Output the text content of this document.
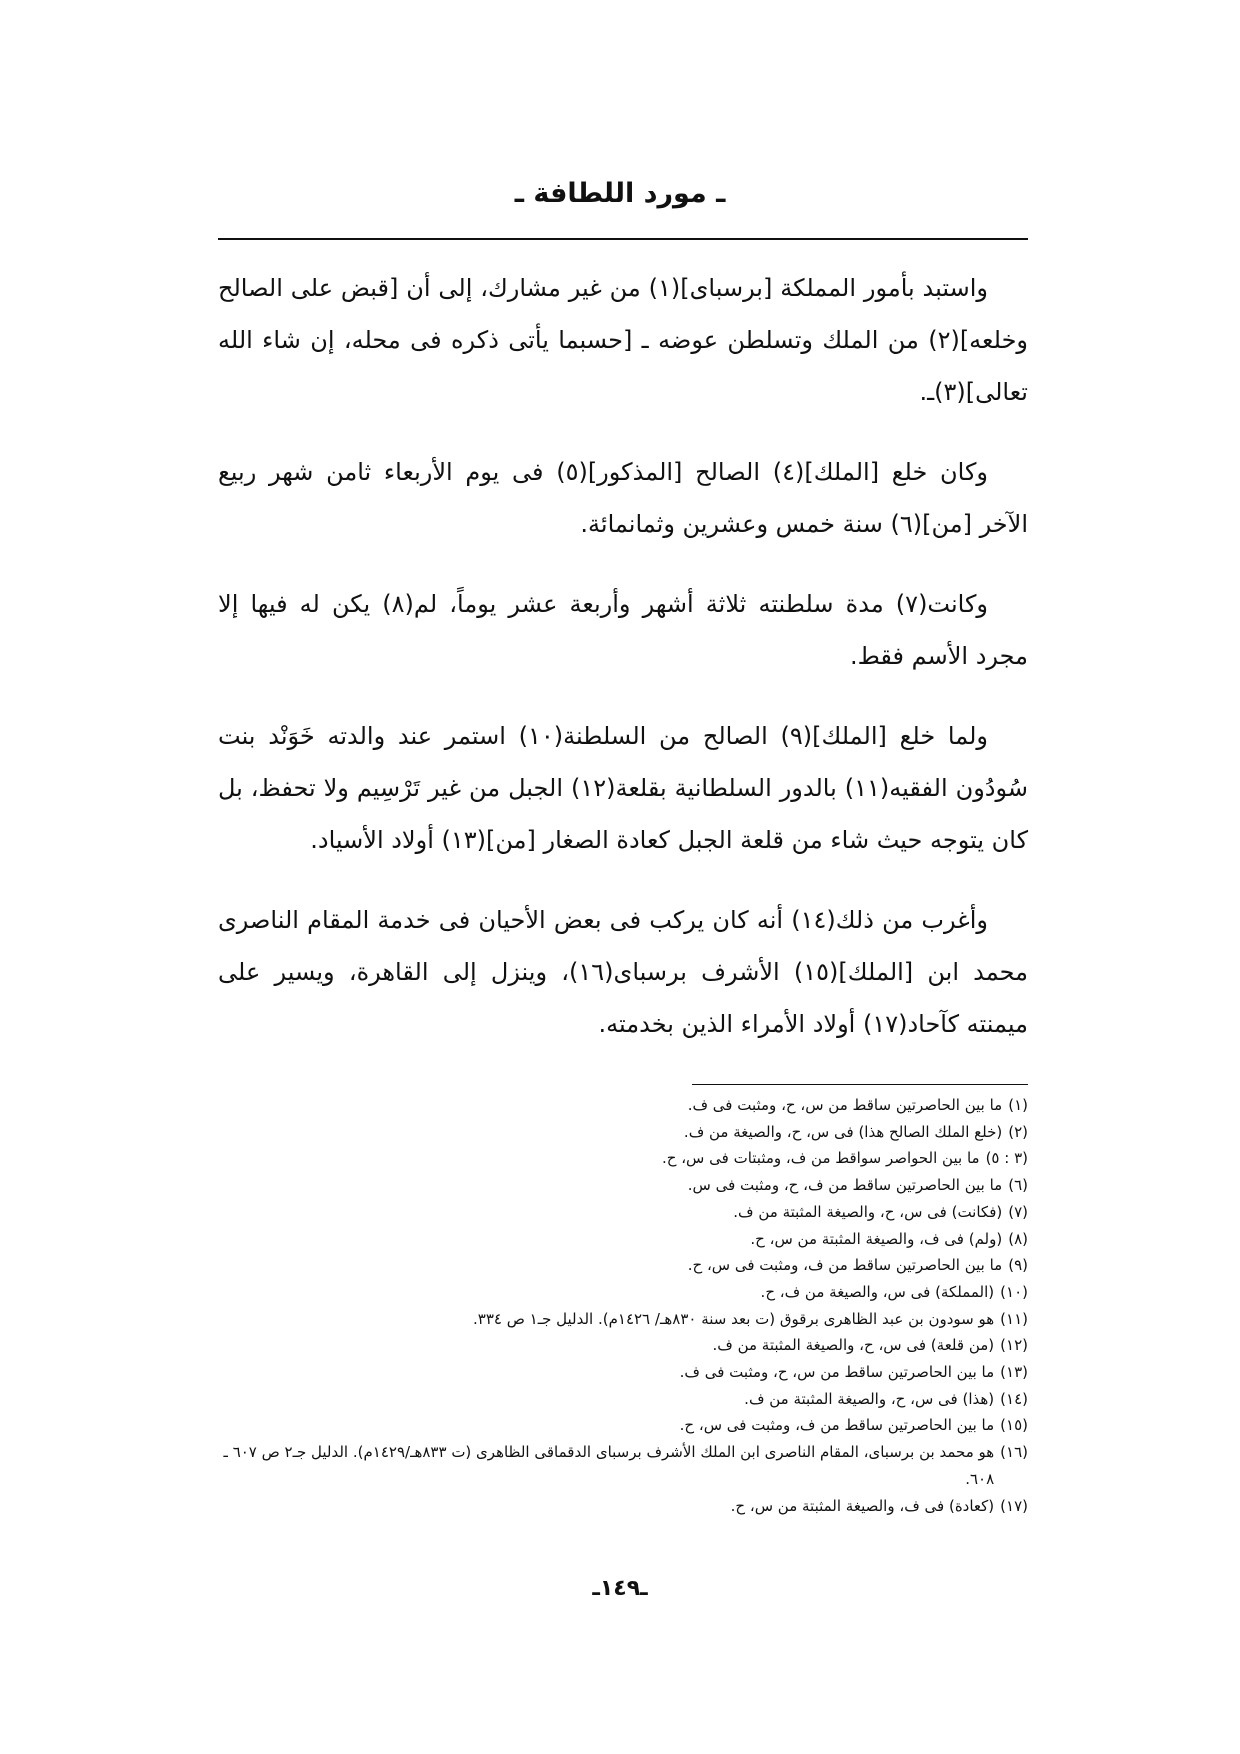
ـ مورد اللطافة ـ

واستبد بأمور المملكة [برسباى](١) من غير مشارك، إلى أن [قبض على الصالح وخلعه](٢) من الملك وتسلطن عوضه ـ [حسبما يأتى ذكره فى محله، إن شاء الله تعالى](٣)ـ.

وكان خلع [الملك](٤) الصالح [المذكور](٥) فى يوم الأربعاء ثامن شهر ربيع الآخر [من](٦) سنة خمس وعشرين وثمانمائة.

وكانت(٧) مدة سلطنته ثلاثة أشهر وأربعة عشر يوماً، لم(٨) يكن له فيها إلا مجرد الأسم فقط.

ولما خلع [الملك](٩) الصالح من السلطنة(١٠) استمر عند والدته خَوَنْد بنت سُودُون الفقيه(١١) بالدور السلطانية بقلعة(١٢) الجبل من غير تَرْسِيم ولا تحفظ، بل كان يتوجه حيث شاء من قلعة الجبل كعادة الصغار [من](١٣) أولاد الأسياد.

وأغرب من ذلك(١٤) أنه كان يركب فى بعض الأحيان فى خدمة المقام الناصرى محمد ابن [الملك](١٥) الأشرف برسباى(١٦)، وينزل إلى القاهرة، ويسير على ميمنته كآحاد(١٧) أولاد الأمراء الذين بخدمته.

(١)
ما بين الحاصرتين ساقط من س، ح، ومثبت فى ف.
(٢)
(خلع الملك الصالح هذا) فى س، ح، والصيغة من ف.
(٣ : ٥)
ما بين الحواصر سواقط من ف، ومثبتات فى س، ح.
(٦)
ما بين الحاصرتين ساقط من ف، ح، ومثبت فى س.
(٧)
(فكانت) فى س، ح، والصيغة المثبتة من ف.
(٨)
(ولم) فى ف، والصيغة المثبتة من س، ح.
(٩)
ما بين الحاصرتين ساقط من ف، ومثبت فى س، ح.
(١٠)
(المملكة) فى س، والصيغة من ف، ح.
(١١)
هو سودون بن عبد الظاهرى برقوق (ت بعد سنة ٨٣٠هـ/ ١٤٢٦م). الدليل جـ١ ص ٣٣٤.
(١٢)
(من قلعة) فى س، ح، والصيغة المثبتة من ف.
(١٣)
ما بين الحاصرتين ساقط من س، ح، ومثبت فى ف.
(١٤)
(هذا) فى س، ح، والصيغة المثبتة من ف.
(١٥)
ما بين الحاصرتين ساقط من ف، ومثبت فى س، ح.
(١٦)
هو محمد بن برسباى، المقام الناصرى ابن الملك الأشرف برسباى الدقماقى الظاهرى (ت ٨٣٣هـ/١٤٢٩م). الدليل جـ٢ ص ٦٠٧ ـ ٦٠٨.
(١٧)
(كعادة) فى ف، والصيغة المثبتة من س، ح.
ـ١٤٩ـ
